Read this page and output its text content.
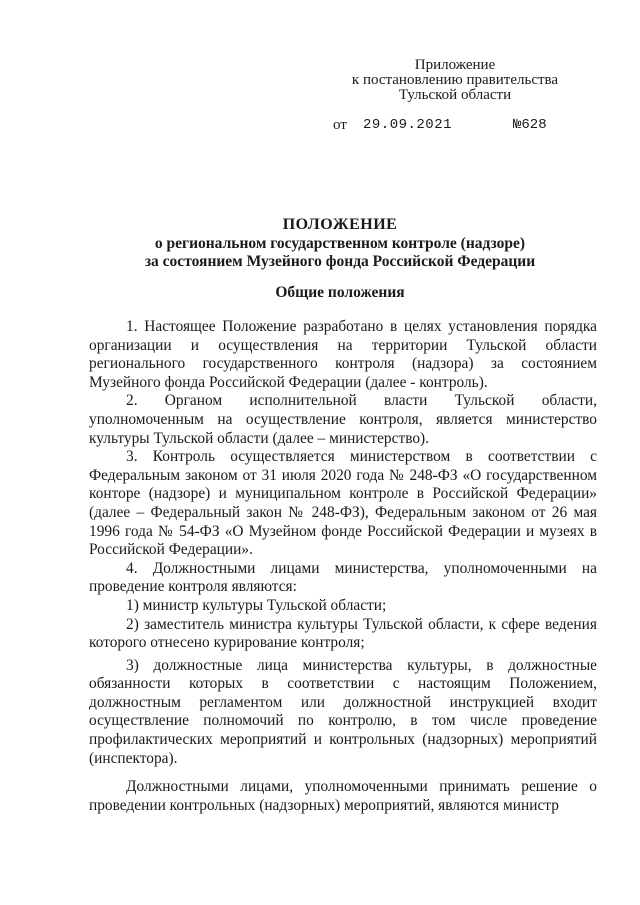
Приложение
к постановлению правительства
Тульской области
от 29.09.2021	№628
ПОЛОЖЕНИЕ
о региональном государственном контроле (надзоре)
за состоянием Музейного фонда Российской Федерации
Общие положения

1. Настоящее Положение разработано в целях установления порядка организации и осуществления на территории Тульской области регионального государственного контроля (надзора) за состоянием Музейного фонда Российской Федерации (далее - контроль).

2. Органом исполнительной власти Тульской области, уполномоченным на осуществление контроля, является министерство культуры Тульской области (далее – министерство).

3. Контроль осуществляется министерством в соответствии с Федеральным законом от 31 июля 2020 года № 248-ФЗ «О государственном конторе (надзоре) и муниципальном контроле в Российской Федерации» (далее – Федеральный закон № 248-ФЗ), Федеральным законом от 26 мая 1996 года № 54-ФЗ «О Музейном фонде Российской Федерации и музеях в Российской Федерации».

4. Должностными лицами министерства, уполномоченными на проведение контроля являются:

1) министр культуры Тульской области;

2) заместитель министра культуры Тульской области, к сфере ведения которого отнесено курирование контроля;

3) должностные лица министерства культуры, в должностные обязанности которых в соответствии с настоящим Положением, должностным регламентом или должностной инструкцией входит осуществление полномочий по контролю, в том числе проведение профилактических мероприятий и контрольных (надзорных) мероприятий (инспектора).

Должностными лицами, уполномоченными принимать решение о проведении контрольных (надзорных) мероприятий, являются министр
